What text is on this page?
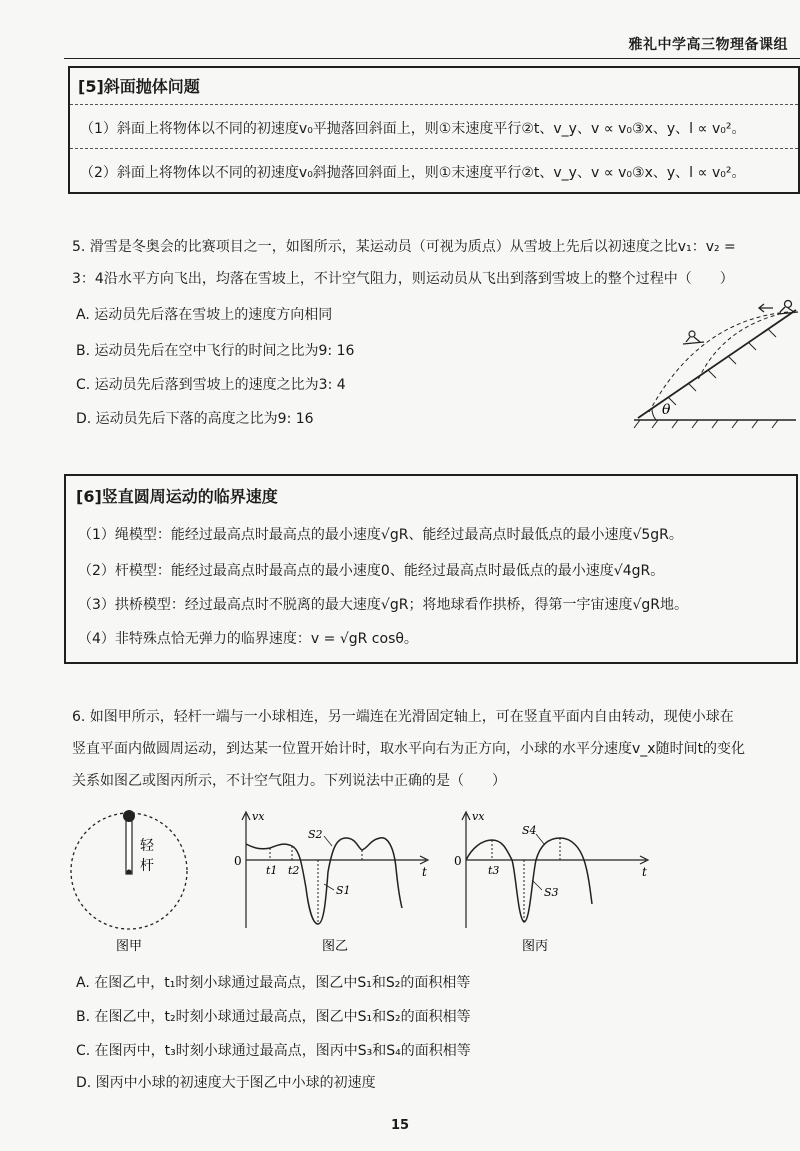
雅礼中学高三物理备课组
[5]斜面抛体问题
（1）斜面上将物体以不同的初速度v₀平抛落回斜面上，则①末速度平行②t、v_y、v ∝ v₀③x、y、l ∝ v₀²。
（2）斜面上将物体以不同的初速度v₀斜抛落回斜面上，则①末速度平行②t、v_y、v ∝ v₀③x、y、l ∝ v₀²。
5. 滑雪是冬奥会的比赛项目之一，如图所示，某运动员（可视为质点）从雪坡上先后以初速度之比v₁：v₂ =
3：4沿水平方向飞出，均落在雪坡上，不计空气阻力，则运动员从飞出到落到雪坡上的整个过程中（　　）
A. 运动员先后落在雪坡上的速度方向相同
B. 运动员先后在空中飞行的时间之比为9: 16
C. 运动员先后落到雪坡上的速度之比为3: 4
D. 运动员先后下落的高度之比为9: 16
θ
[6]竖直圆周运动的临界速度
（1）绳模型：能经过最高点时最高点的最小速度√gR、能经过最高点时最低点的最小速度√5gR。
（2）杆模型：能经过最高点时最高点的最小速度0、能经过最高点时最低点的最小速度√4gR。
（3）拱桥模型：经过最高点时不脱离的最大速度√gR；将地球看作拱桥，得第一宇宙速度√gR地。
（4）非特殊点恰无弹力的临界速度：v = √gR cosθ。
6. 如图甲所示，轻杆一端与一小球相连，另一端连在光滑固定轴上，可在竖直平面内自由转动，现使小球在
竖直平面内做圆周运动，到达某一位置开始计时，取水平向右为正方向，小球的水平分速度v_x随时间t的变化
关系如图乙或图丙所示，不计空气阻力。下列说法中正确的是（　　）
轻
杆
图甲
vx
0
t
t1 t2
S1
S2
图乙
vx
0
t
t3
S3
S4
图丙
A. 在图乙中，t₁时刻小球通过最高点，图乙中S₁和S₂的面积相等
B. 在图乙中，t₂时刻小球通过最高点，图乙中S₁和S₂的面积相等
C. 在图丙中，t₃时刻小球通过最高点，图丙中S₃和S₄的面积相等
D. 图丙中小球的初速度大于图乙中小球的初速度
15
